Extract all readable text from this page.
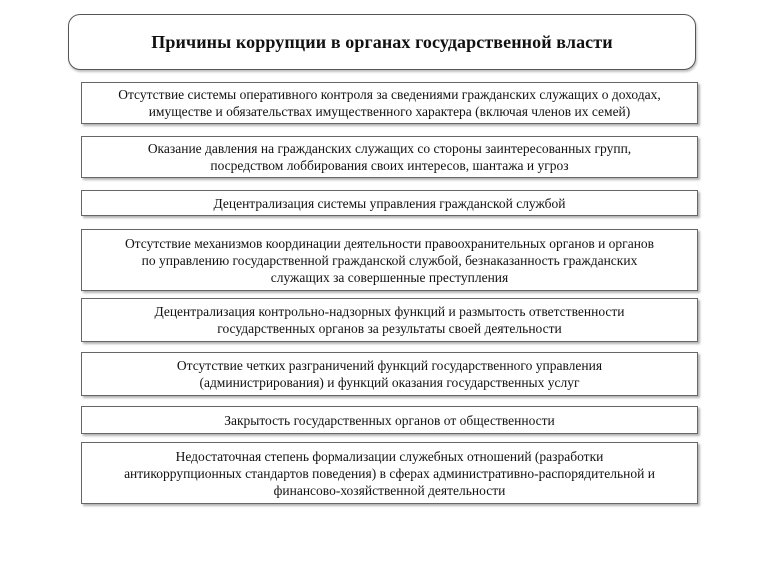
Причины коррупции в органах государственной власти
Отсутствие системы оперативного контроля за сведениями гражданских служащих о доходах,
имуществе и обязательствах имущественного характера (включая членов их семей)
Оказание давления на гражданских служащих со стороны заинтересованных групп,
посредством лоббирования своих интересов, шантажа и угроз
Децентрализация системы управления гражданской службой
Отсутствие механизмов координации деятельности правоохранительных органов и органов
по управлению государственной гражданской службой, безнаказанность гражданских
служащих за совершенные преступления
Децентрализация контрольно-надзорных функций и размытость ответственности
государственных органов за результаты своей деятельности
Отсутствие четких разграничений функций государственного управления
(администрирования) и функций оказания государственных услуг
Закрытость государственных органов от общественности
Недостаточная степень формализации служебных отношений (разработки
антикоррупционных стандартов поведения) в сферах административно-распорядительной и
финансово-хозяйственной деятельности
